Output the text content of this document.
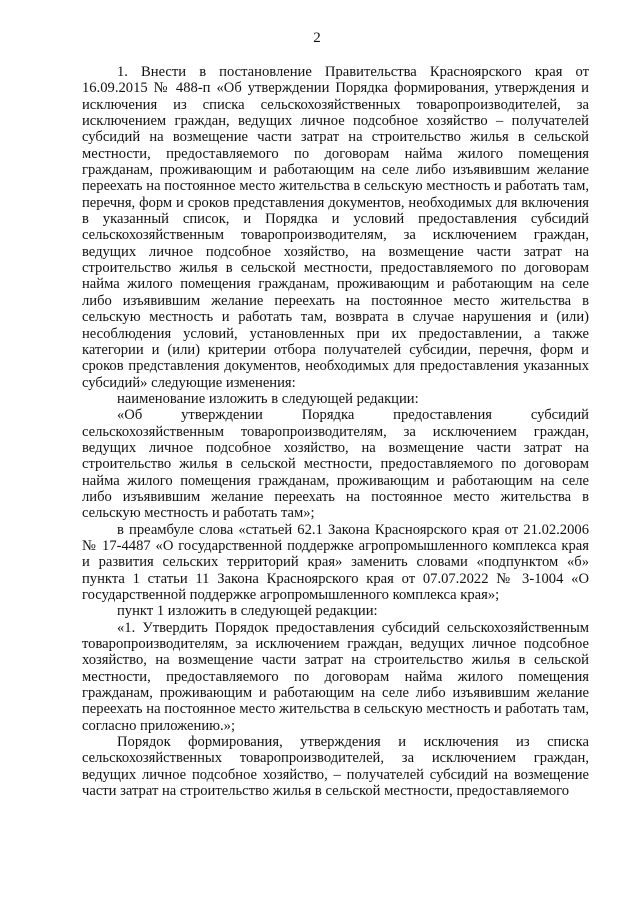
2

1. Внести в постановление Правительства Красноярского края от 16.09.2015 № 488-п «Об утверждении Порядка формирования, утверждения и исключения из списка сельскохозяйственных товаропроизводителей, за исключением граждан, ведущих личное подсобное хозяйство – получателей субсидий на возмещение части затрат на строительство жилья в сельской местности, предоставляемого по договорам найма жилого помещения гражданам, проживающим и работающим на селе либо изъявившим желание переехать на постоянное место жительства в сельскую местность и работать там, перечня, форм и сроков представления документов, необходимых для включения в указанный список, и Порядка и условий предоставления субсидий сельскохозяйственным товаропроизводителям, за исключением граждан, ведущих личное подсобное хозяйство, на возмещение части затрат на строительство жилья в сельской местности, предоставляемого по договорам найма жилого помещения гражданам, проживающим и работающим на селе либо изъявившим желание переехать на постоянное место жительства в сельскую местность и работать там, возврата в случае нарушения и (или) несоблюдения условий, установленных при их предоставлении, а также категории и (или) критерии отбора получателей субсидии, перечня, форм и сроков представления документов, необходимых для предоставления указанных субсидий» следующие изменения:

наименование изложить в следующей редакции:

«Об утверждении Порядка предоставления субсидий сельскохозяйственным товаропроизводителям, за исключением граждан, ведущих личное подсобное хозяйство, на возмещение части затрат на строительство жилья в сельской местности, предоставляемого по договорам найма жилого помещения гражданам, проживающим и работающим на селе либо изъявившим желание переехать на постоянное место жительства в сельскую местность и работать там»;

в преамбуле слова «статьей 62.1 Закона Красноярского края от 21.02.2006 № 17-4487 «О государственной поддержке агропромышленного комплекса края и развития сельских территорий края» заменить словами «подпунктом «б» пункта 1 статьи 11 Закона Красноярского края от 07.07.2022 № 3-1004 «О государственной поддержке агропромышленного комплекса края»;

пункт 1 изложить в следующей редакции:

«1. Утвердить Порядок предоставления субсидий сельскохозяйственным товаропроизводителям, за исключением граждан, ведущих личное подсобное хозяйство, на возмещение части затрат на строительство жилья в сельской местности, предоставляемого по договорам найма жилого помещения гражданам, проживающим и работающим на селе либо изъявившим желание переехать на постоянное место жительства в сельскую местность и работать там, согласно приложению.»;

Порядок формирования, утверждения и исключения из списка сельскохозяйственных товаропроизводителей, за исключением граждан, ведущих личное подсобное хозяйство, – получателей субсидий на возмещение части затрат на строительство жилья в сельской местности, предоставляемого
